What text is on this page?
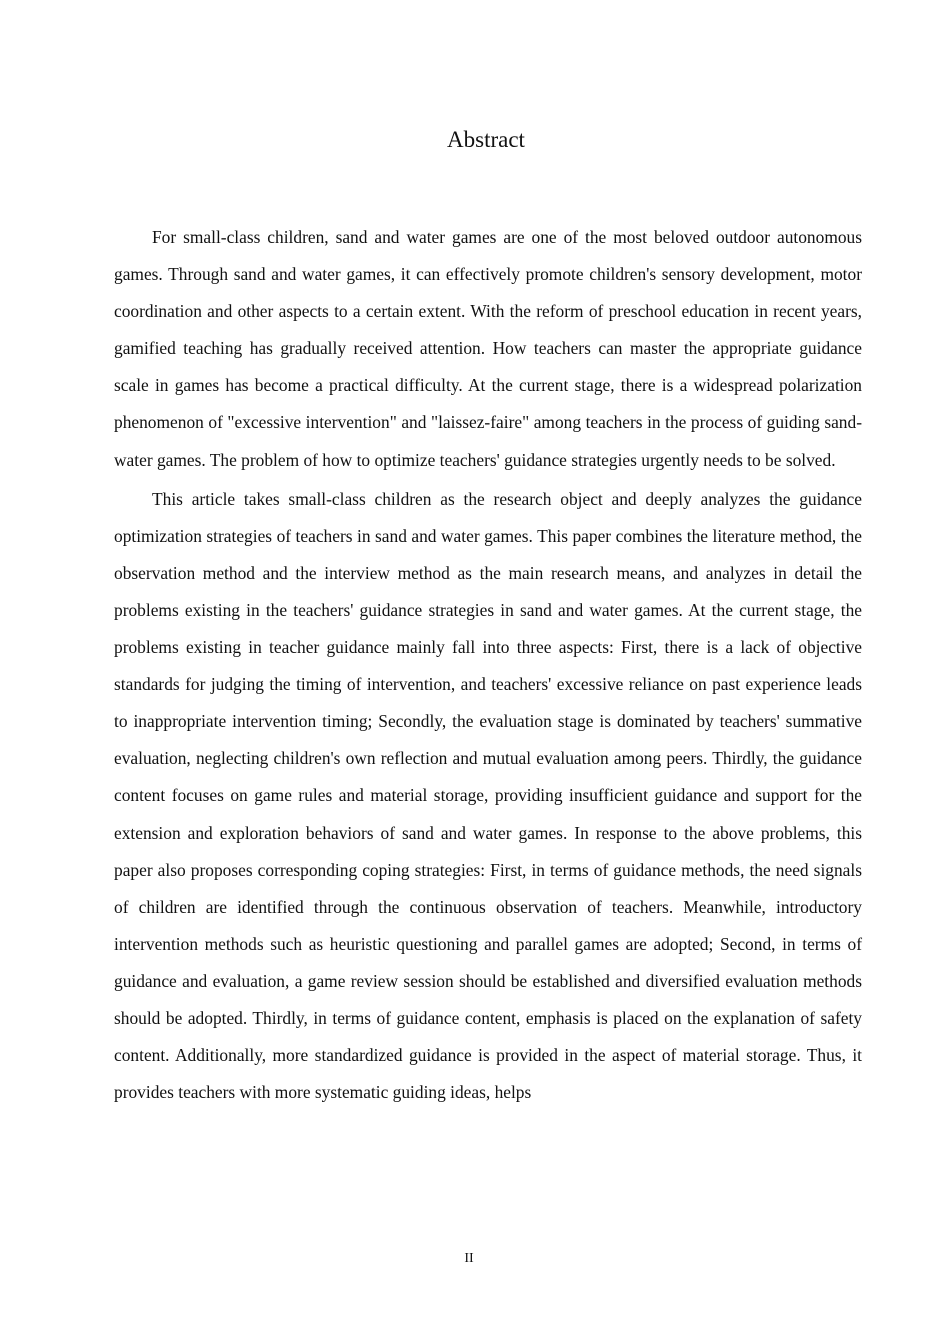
Abstract

For small-class children, sand and water games are one of the most beloved outdoor autonomous games. Through sand and water games, it can effectively promote children's sensory development, motor coordination and other aspects to a certain extent. With the reform of preschool education in recent years, gamified teaching has gradually received attention. How teachers can master the appropriate guidance scale in games has become a practical difficulty. At the current stage, there is a widespread polarization phenomenon of "excessive intervention" and "laissez-faire" among teachers in the process of guiding sand-water games. The problem of how to optimize teachers' guidance strategies urgently needs to be solved.

This article takes small-class children as the research object and deeply analyzes the guidance optimization strategies of teachers in sand and water games. This paper combines the literature method, the observation method and the interview method as the main research means, and analyzes in detail the problems existing in the teachers' guidance strategies in sand and water games. At the current stage, the problems existing in teacher guidance mainly fall into three aspects: First, there is a lack of objective standards for judging the timing of intervention, and teachers' excessive reliance on past experience leads to inappropriate intervention timing; Secondly, the evaluation stage is dominated by teachers' summative evaluation, neglecting children's own reflection and mutual evaluation among peers. Thirdly, the guidance content focuses on game rules and material storage, providing insufficient guidance and support for the extension and exploration behaviors of sand and water games. In response to the above problems, this paper also proposes corresponding coping strategies: First, in terms of guidance methods, the need signals of children are identified through the continuous observation of teachers. Meanwhile, introductory intervention methods such as heuristic questioning and parallel games are adopted; Second, in terms of guidance and evaluation, a game review session should be established and diversified evaluation methods should be adopted. Thirdly, in terms of guidance content, emphasis is placed on the explanation of safety content. Additionally, more standardized guidance is provided in the aspect of material storage. Thus, it provides teachers with more systematic guiding ideas, helps

II
